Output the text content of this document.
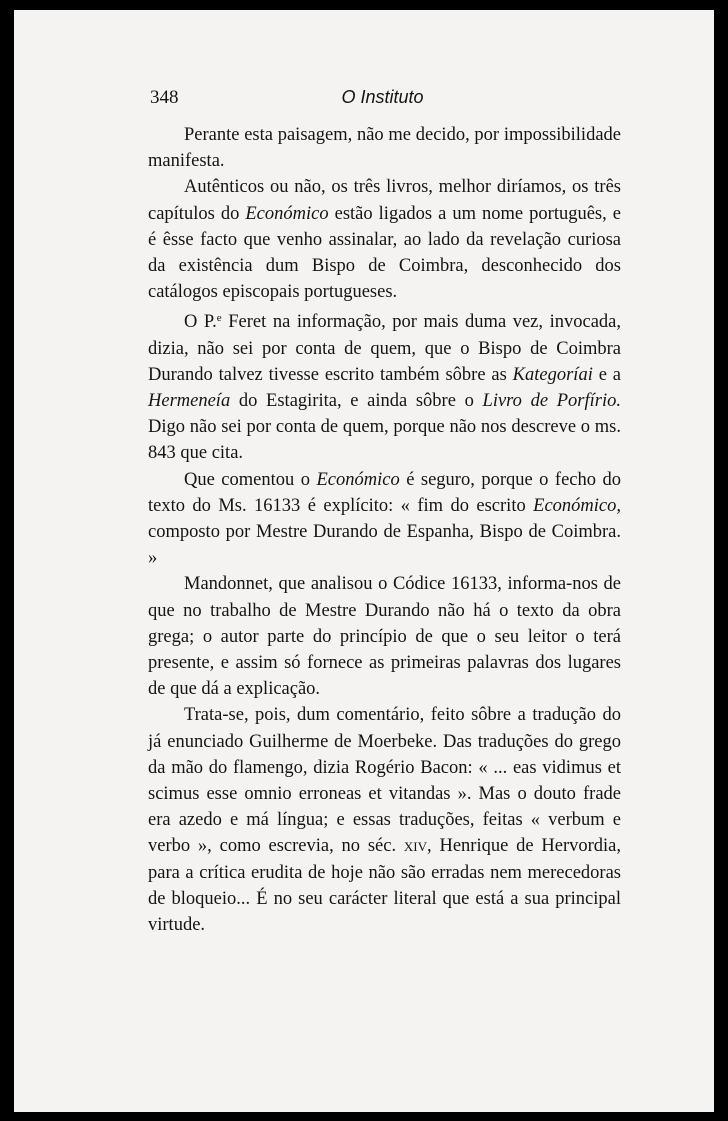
348	O Instituto

Perante esta paisagem, não me decido, por impossibilidade manifesta.

Autênticos ou não, os três livros, melhor diríamos, os três capítulos do Económico estão ligados a um nome português, e é êsse facto que venho assinalar, ao lado da revelação curiosa da existência dum Bispo de Coimbra, desconhecido dos catálogos episcopais portugueses.

O P.$^e$ Feret na informação, por mais duma vez, invocada, dizia, não sei por conta de quem, que o Bispo de Coimbra Durando talvez tivesse escrito também sôbre as Kategoríai e a Hermeneía do Estagirita, e ainda sôbre o Livro de Porfírio. Digo não sei por conta de quem, porque não nos descreve o ms. 843 que cita.

Que comentou o Económico é seguro, porque o fecho do texto do Ms. 16133 é explícito: « fim do escrito Económico, composto por Mestre Durando de Espanha, Bispo de Coimbra. »

Mandonnet, que analisou o Códice 16133, informa-nos de que no trabalho de Mestre Durando não há o texto da obra grega; o autor parte do princípio de que o seu leitor o terá presente, e assim só fornece as primeiras palavras dos lugares de que dá a explicação.

Trata-se, pois, dum comentário, feito sôbre a tradução do já enunciado Guilherme de Moerbeke. Das traduções do grego da mão do flamengo, dizia Rogério Bacon: « ... eas vidimus et scimus esse omnio erroneas et vitandas ». Mas o douto frade era azedo e má língua; e essas traduções, feitas « verbum e verbo », como escrevia, no séc. xiv, Henrique de Hervordia, para a crítica erudita de hoje não são erradas nem merecedoras de bloqueio... É no seu carácter literal que está a sua principal virtude.
